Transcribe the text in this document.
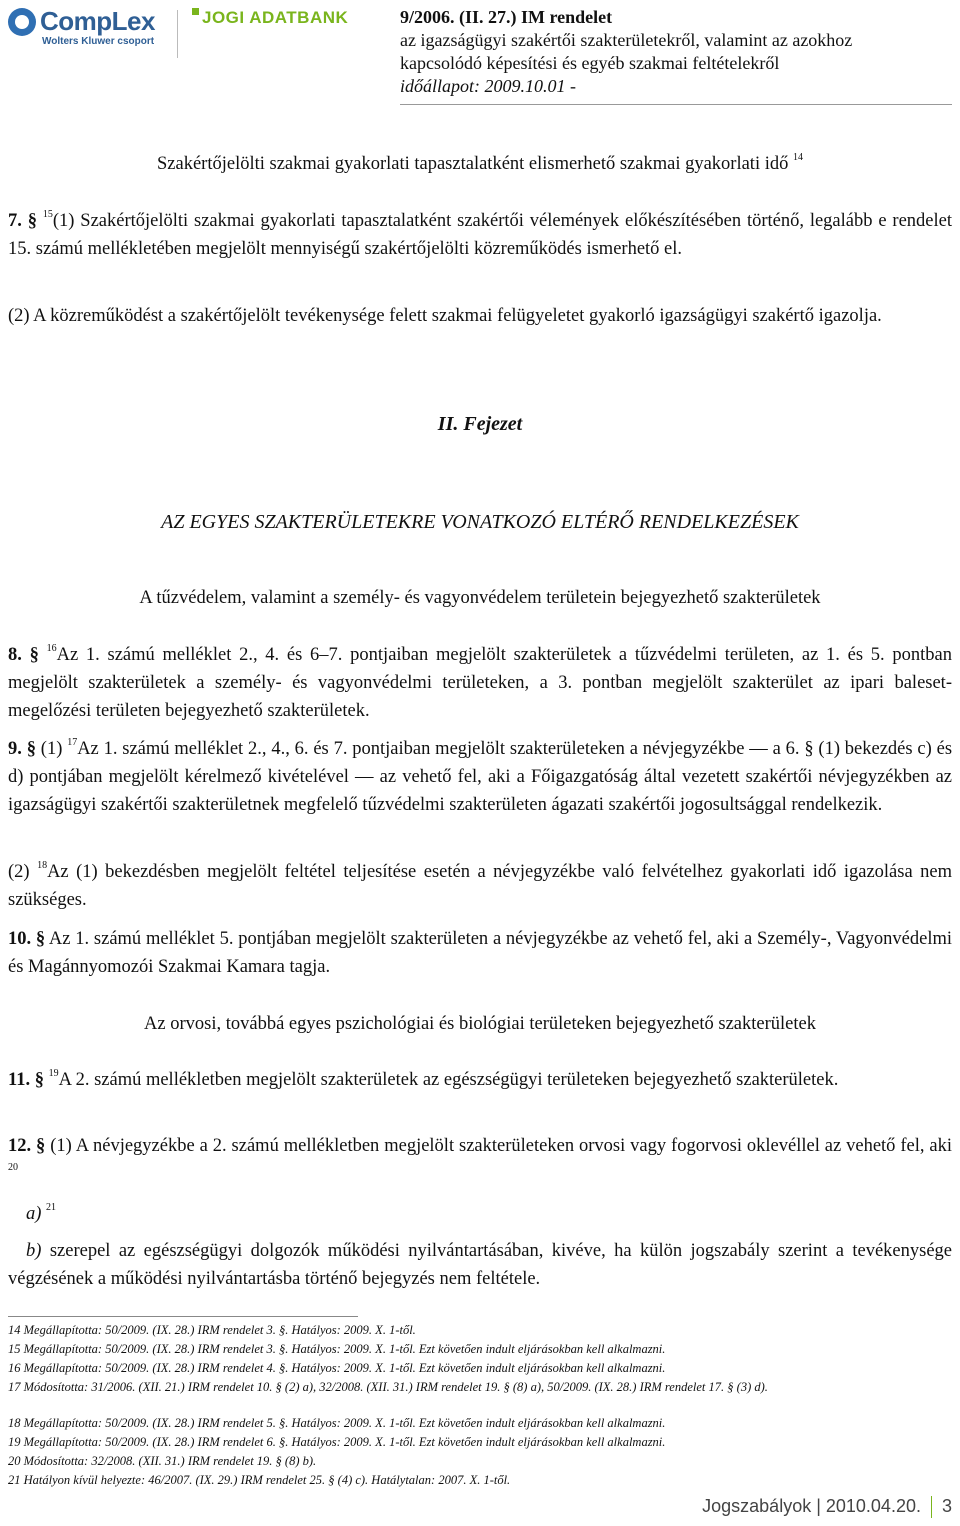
CompLex
Wolters Kluwer csoport
JOGI ADATBANK	9/2006. (II. 27.) IM rendelet
az igazságügyi szakértői szakterületekről, valamint az azokhoz
kapcsolódó képesítési és egyéb szakmai feltételekről
időállapot: 2009.10.01 -

Szakértőjelölti szakmai gyakorlati tapasztalatként elismerhető szakmai gyakorlati idő $^{14}$

7. § $^{15}$(1) Szakértőjelölti szakmai gyakorlati tapasztalatként szakértői vélemények előkészítésében történő, legalább e rendelet 15. számú mellékletében megjelölt mennyiségű szakértőjelölti közreműködés ismerhető el.

(2) A közreműködést a szakértőjelölt tevékenysége felett szakmai felügyeletet gyakorló igazságügyi szakértő igazolja.

II. Fejezet

AZ EGYES SZAKTERÜLETEKRE VONATKOZÓ ELTÉRŐ RENDELKEZÉSEK

A tűzvédelem, valamint a személy- és vagyonvédelem területein bejegyezhető szakterületek

8. § $^{16}$Az 1. számú melléklet 2., 4. és 6–7. pontjaiban megjelölt szakterületek a tűzvédelmi területen, az 1. és 5. pontban megjelölt szakterületek a személy- és vagyonvédelmi területeken, a 3. pontban megjelölt szakterület az ipari baleset-megelőzési területen bejegyezhető szakterületek.

9. § (1) $^{17}$Az 1. számú melléklet 2., 4., 6. és 7. pontjaiban megjelölt szakterületeken a névjegyzékbe — a 6. § (1) bekezdés c) és d) pontjában megjelölt kérelmező kivételével — az vehető fel, aki a Főigazgatóság által vezetett szakértői névjegyzékben az igazságügyi szakértői szakterületnek megfelelő tűzvédelmi szakterületen ágazati szakértői jogosultsággal rendelkezik.

(2) $^{18}$Az (1) bekezdésben megjelölt feltétel teljesítése esetén a névjegyzékbe való felvételhez gyakorlati idő igazolása nem szükséges.

10. § Az 1. számú melléklet 5. pontjában megjelölt szakterületen a névjegyzékbe az vehető fel, aki a Személy-, Vagyonvédelmi és Magánnyomozói Szakmai Kamara tagja.

Az orvosi, továbbá egyes pszichológiai és biológiai területeken bejegyezhető szakterületek

11. § $^{19}$A 2. számú mellékletben megjelölt szakterületek az egészségügyi területeken bejegyezhető szakterületek.

12. § (1) A névjegyzékbe a 2. számú mellékletben megjelölt szakterületeken orvosi vagy fogorvosi oklevéllel az vehető fel, aki $^{20}$

a) $^{21}$

b) szerepel az egészségügyi dolgozók működési nyilvántartásában, kivéve, ha külön jogszabály szerint a tevékenysége végzésének a működési nyilvántartásba történő bejegyzés nem feltétele.

14 Megállapította: 50/2009. (IX. 28.) IRM rendelet 3. §. Hatályos: 2009. X. 1-től.
15 Megállapította: 50/2009. (IX. 28.) IRM rendelet 3. §. Hatályos: 2009. X. 1-től. Ezt követően indult eljárásokban kell alkalmazni.
16 Megállapította: 50/2009. (IX. 28.) IRM rendelet 4. §. Hatályos: 2009. X. 1-től. Ezt követően indult eljárásokban kell alkalmazni.
17 Módosította: 31/2006. (XII. 21.) IRM rendelet 10. § (2) a), 32/2008. (XII. 31.) IRM rendelet 19. § (8) a), 50/2009. (IX. 28.) IRM rendelet 17. § (3) d).
18 Megállapította: 50/2009. (IX. 28.) IRM rendelet 5. §. Hatályos: 2009. X. 1-től. Ezt követően indult eljárásokban kell alkalmazni.
19 Megállapította: 50/2009. (IX. 28.) IRM rendelet 6. §. Hatályos: 2009. X. 1-től. Ezt követően indult eljárásokban kell alkalmazni.
20 Módosította: 32/2008. (XII. 31.) IRM rendelet 19. § (8) b).
21 Hatályon kívül helyezte: 46/2007. (IX. 29.) IRM rendelet 25. § (4) c). Hatálytalan: 2007. X. 1-től.
Jogszabályok | 2010.04.20. 3
